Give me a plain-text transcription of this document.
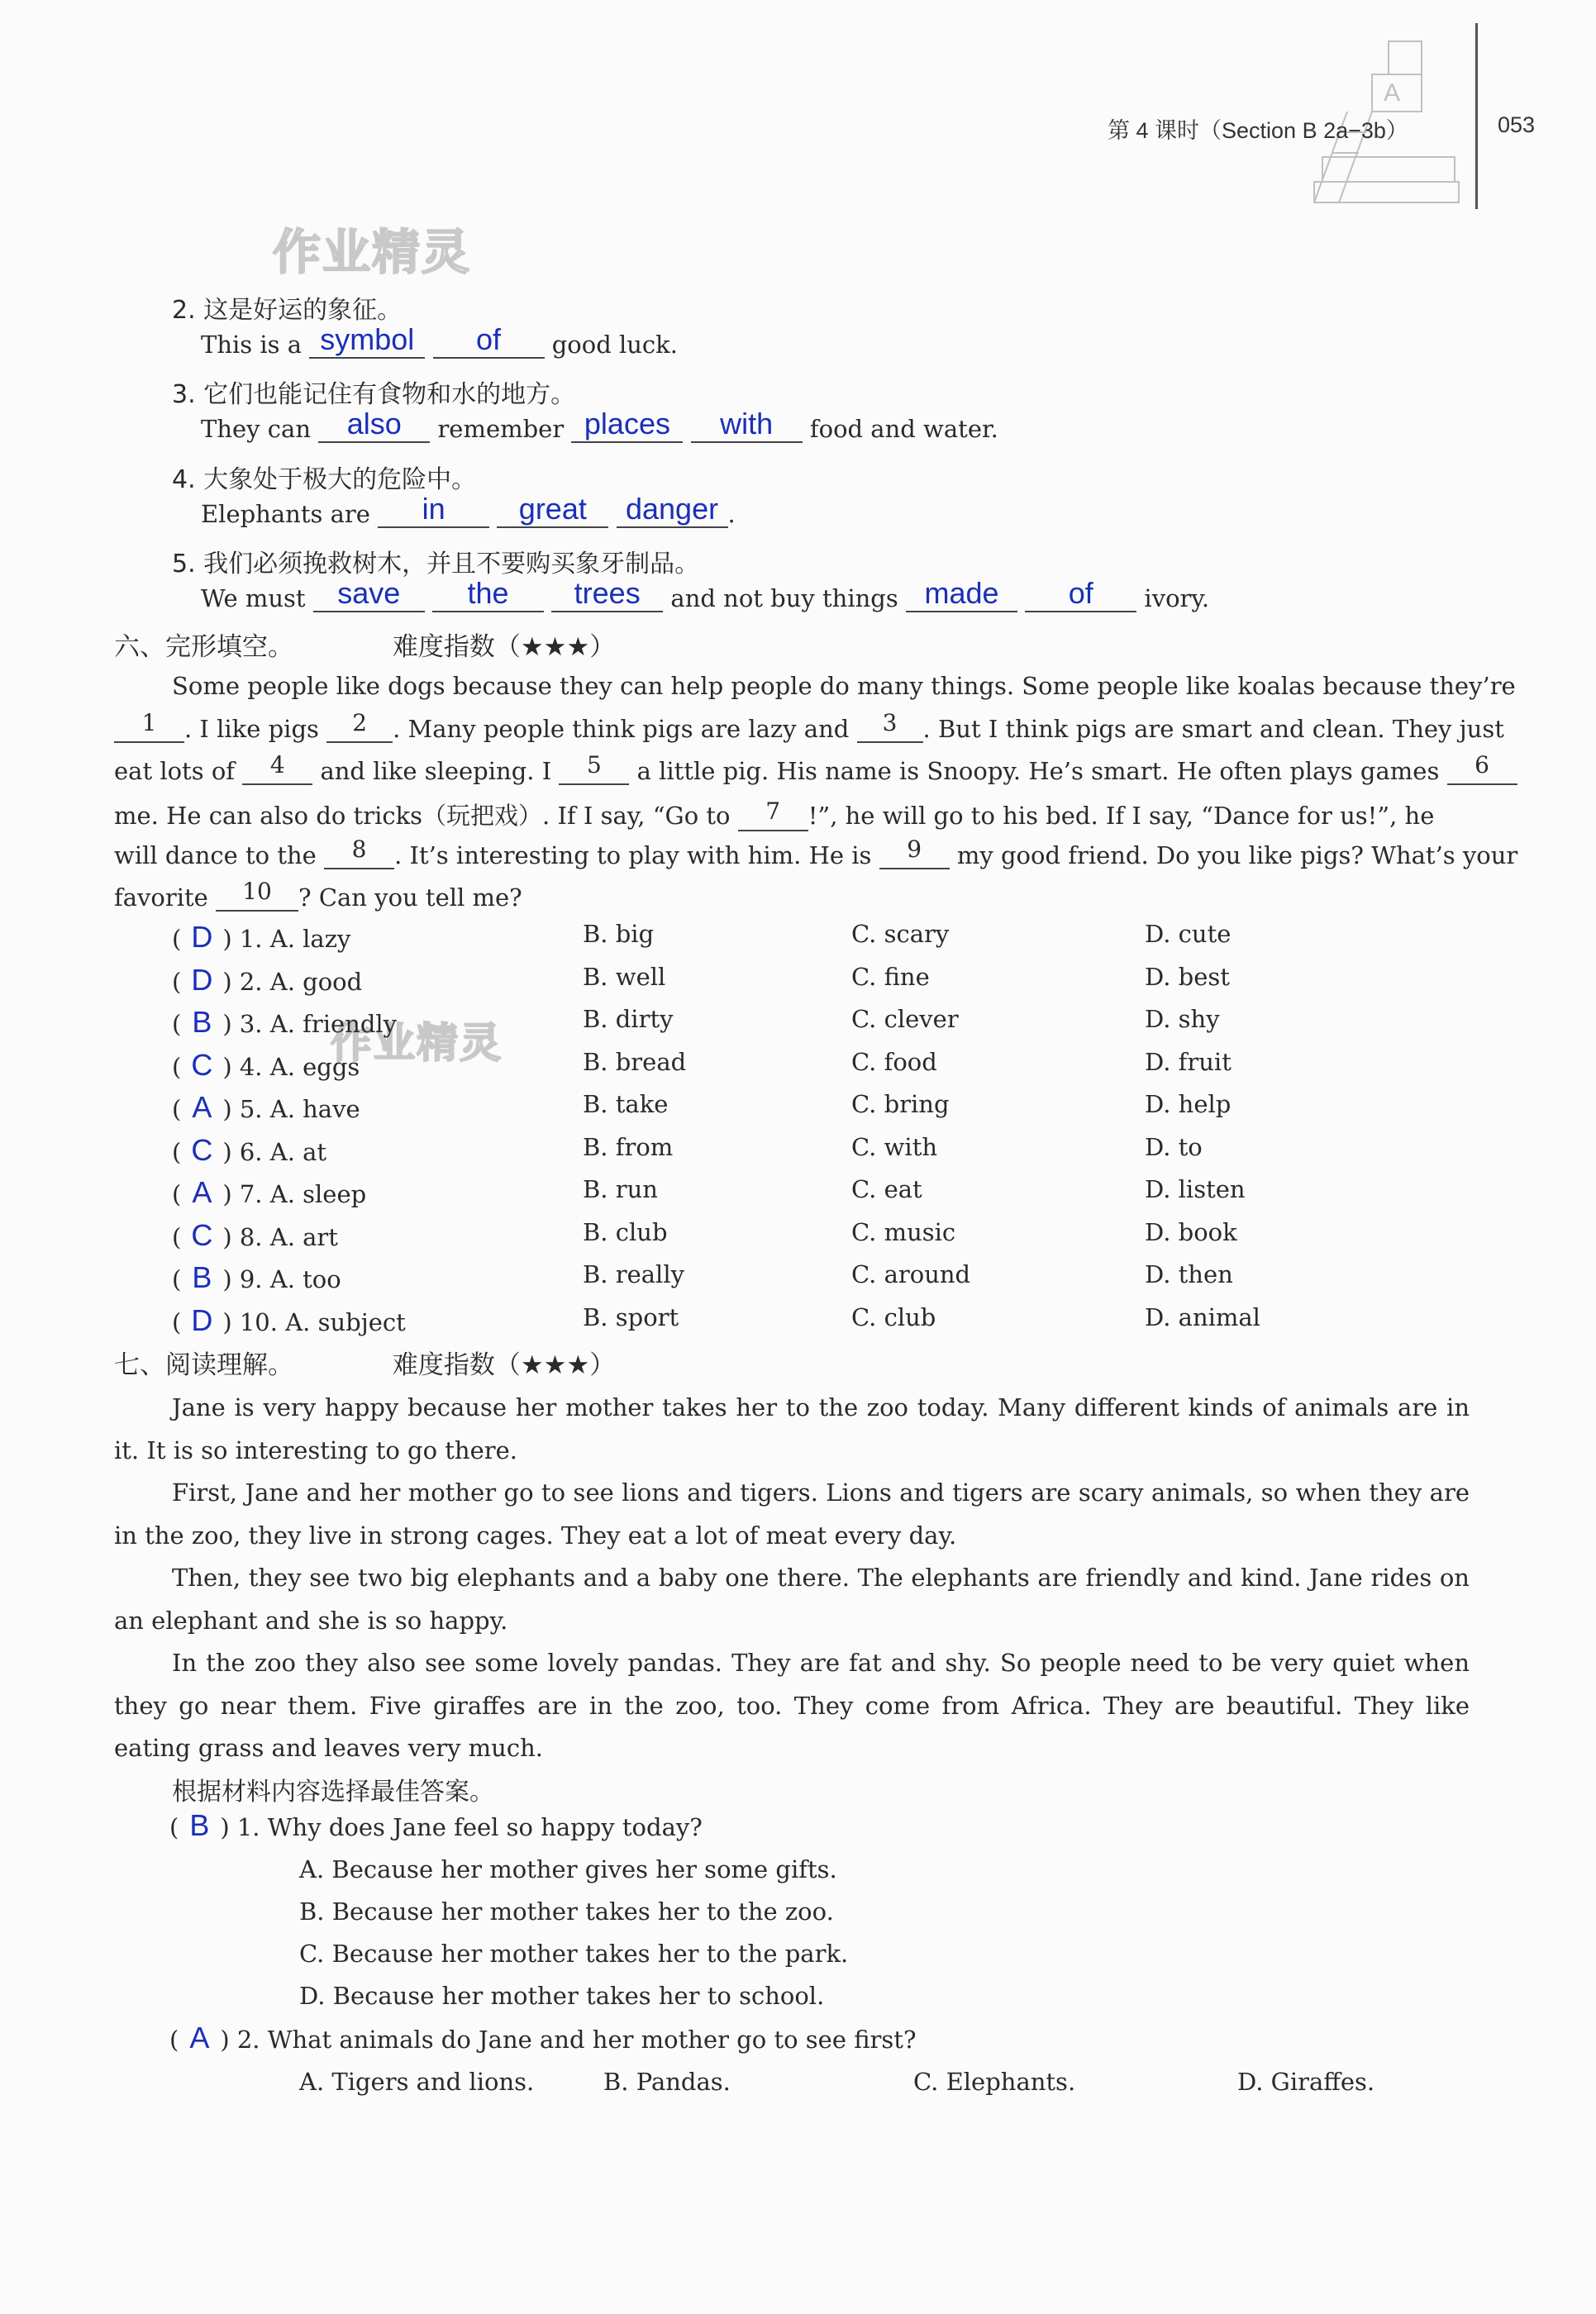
A
第 4 课时（Section B 2a−3b）	053
作业精灵
作业精灵
2. 这是好运的象征。
This is a symbol of good luck.
3. 它们也能记住有食物和水的地方。
They can also remember places with food and water.
4. 大象处于极大的危险中。
Elephants are in great danger .
5. 我们必须挽救树木，并且不要购买象牙制品。
We must save the trees and not buy things made of ivory.
六、完形填空。	难度指数（★★★）
Some people like dogs because they can help people do many things. Some people like koalas because they’re
1 . I like pigs 2 . Many people think pigs are lazy and 3 . But I think pigs are smart and clean. They just
eat lots of 4 and like sleeping. I 5 a little pig. His name is Snoopy. He’s smart. He often plays games 6
me. He can also do tricks（玩把戏）. If I say, “Go to 7 !”, he will go to his bed. If I say, “Dance for us!”, he
will dance to the 8 . It’s interesting to play with him. He is 9 my good friend. Do you like pigs? What’s your
favorite 10 ? Can you tell me?
( D ) 1. A. lazy	B. big	C. scary	D. cute
( D ) 2. A. good	B. well	C. fine	D. best
( B ) 3. A. friendly	B. dirty	C. clever	D. shy
( C ) 4. A. eggs	B. bread	C. food	D. fruit
( A ) 5. A. have	B. take	C. bring	D. help
( C ) 6. A. at	B. from	C. with	D. to
( A ) 7. A. sleep	B. run	C. eat	D. listen
( C ) 8. A. art	B. club	C. music	D. book
( B ) 9. A. too	B. really	C. around	D. then
( D ) 10. A. subject	B. sport	C. club	D. animal
七、阅读理解。	难度指数（★★★）

Jane is very happy because her mother takes her to the zoo today. Many different kinds of animals are in it. It is so interesting to go there.

First, Jane and her mother go to see lions and tigers. Lions and tigers are scary animals, so when they are in the zoo, they live in strong cages. They eat a lot of meat every day.

Then, they see two big elephants and a baby one there. The elephants are friendly and kind. Jane rides on an elephant and she is so happy.

In the zoo they also see some lovely pandas. They are fat and shy. So people need to be very quiet when they go near them. Five giraffes are in the zoo, too. They come from Africa. They are beautiful. They like eating grass and leaves very much.

根据材料内容选择最佳答案。
( B ) 1. Why does Jane feel so happy today?
A. Because her mother gives her some gifts.
B. Because her mother takes her to the zoo.
C. Because her mother takes her to the park.
D. Because her mother takes her to school.
( A ) 2. What animals do Jane and her mother go to see first?
A. Tigers and lions.	B. Pandas.	C. Elephants.	D. Giraffes.
